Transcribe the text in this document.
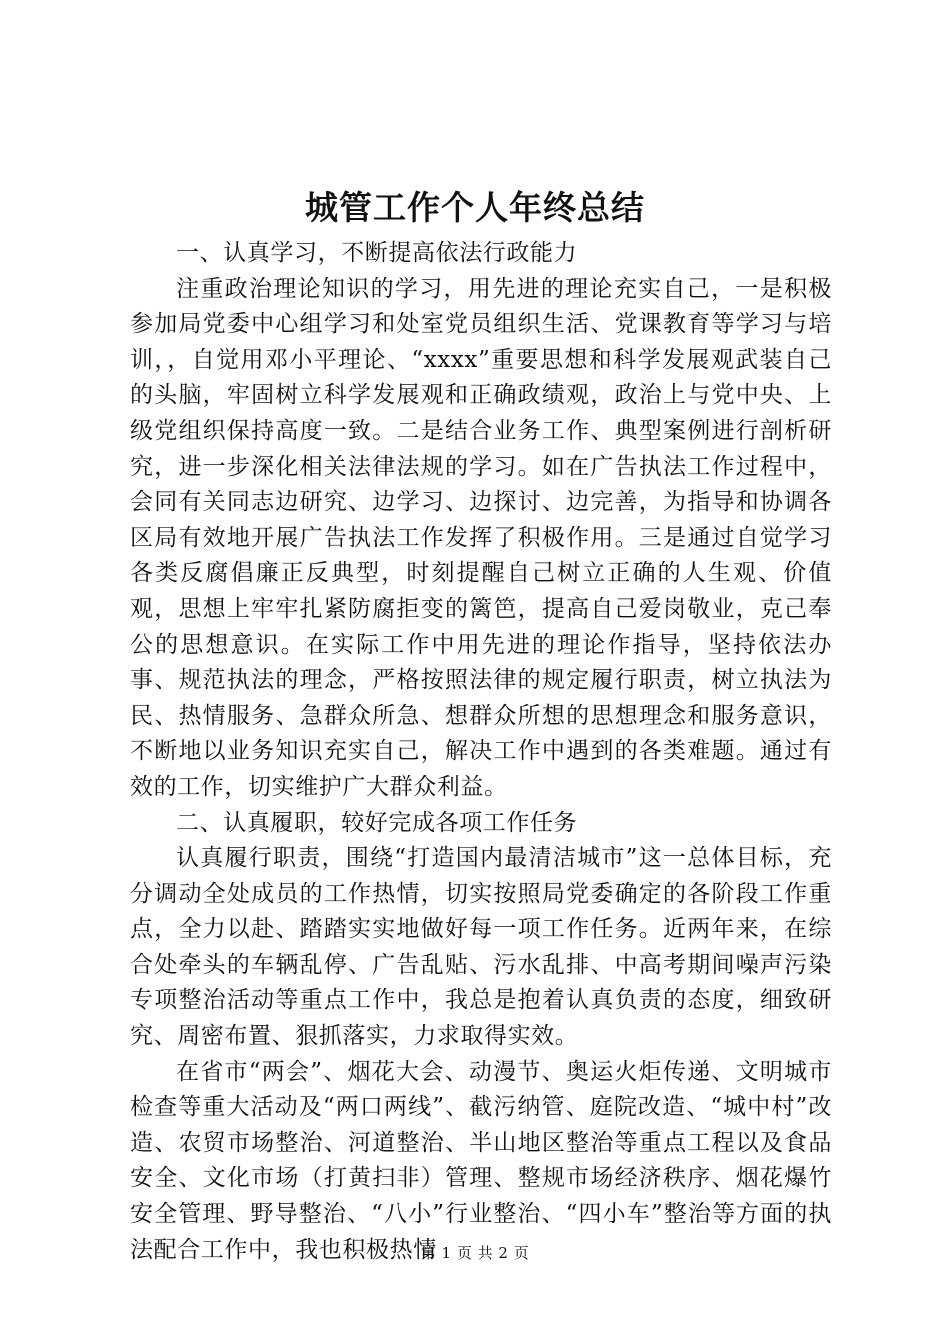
城管工作个人年终总结

一、认真学习，不断提高依法行政能力

注重政治理论知识的学习，用先进的理论充实自己，一是积极参加局党委中心组学习和处室党员组织生活、党课教育等学习与培训，，自觉用邓小平理论、“xxxx”重要思想和科学发展观武装自己的头脑，牢固树立科学发展观和正确政绩观，政治上与党中央、上级党组织保持高度一致。二是结合业务工作、典型案例进行剖析研究，进一步深化相关法律法规的学习。如在广告执法工作过程中，会同有关同志边研究、边学习、边探讨、边完善，为指导和协调各区局有效地开展广告执法工作发挥了积极作用。三是通过自觉学习各类反腐倡廉正反典型，时刻提醒自己树立正确的人生观、价值观，思想上牢牢扎紧防腐拒变的篱笆，提高自己爱岗敬业，克己奉公的思想意识。在实际工作中用先进的理论作指导，坚持依法办事、规范执法的理念，严格按照法律的规定履行职责，树立执法为民、热情服务、急群众所急、想群众所想的思想理念和服务意识，不断地以业务知识充实自己，解决工作中遇到的各类难题。通过有效的工作，切实维护广大群众利益。

二、认真履职，较好完成各项工作任务

认真履行职责，围绕“打造国内最清洁城市”这一总体目标，充分调动全处成员的工作热情，切实按照局党委确定的各阶段工作重点，全力以赴、踏踏实实地做好每一项工作任务。近两年来，在综合处牵头的车辆乱停、广告乱贴、污水乱排、中高考期间噪声污染专项整治活动等重点工作中，我总是抱着认真负责的态度，细致研究、周密布置、狠抓落实，力求取得实效。

在省市“两会”、烟花大会、动漫节、奥运火炬传递、文明城市检查等重大活动及“两口两线”、截污纳管、庭院改造、“城中村”改造、农贸市场整治、河道整治、半山地区整治等重点工程以及食品安全、文化市场（打黄扫非）管理、整规市场经济秩序、烟花爆竹安全管理、野导整治、“八小”行业整治、“四小车”整治等方面的执法配合工作中，我也积极热情

第 1 页 共 2 页
